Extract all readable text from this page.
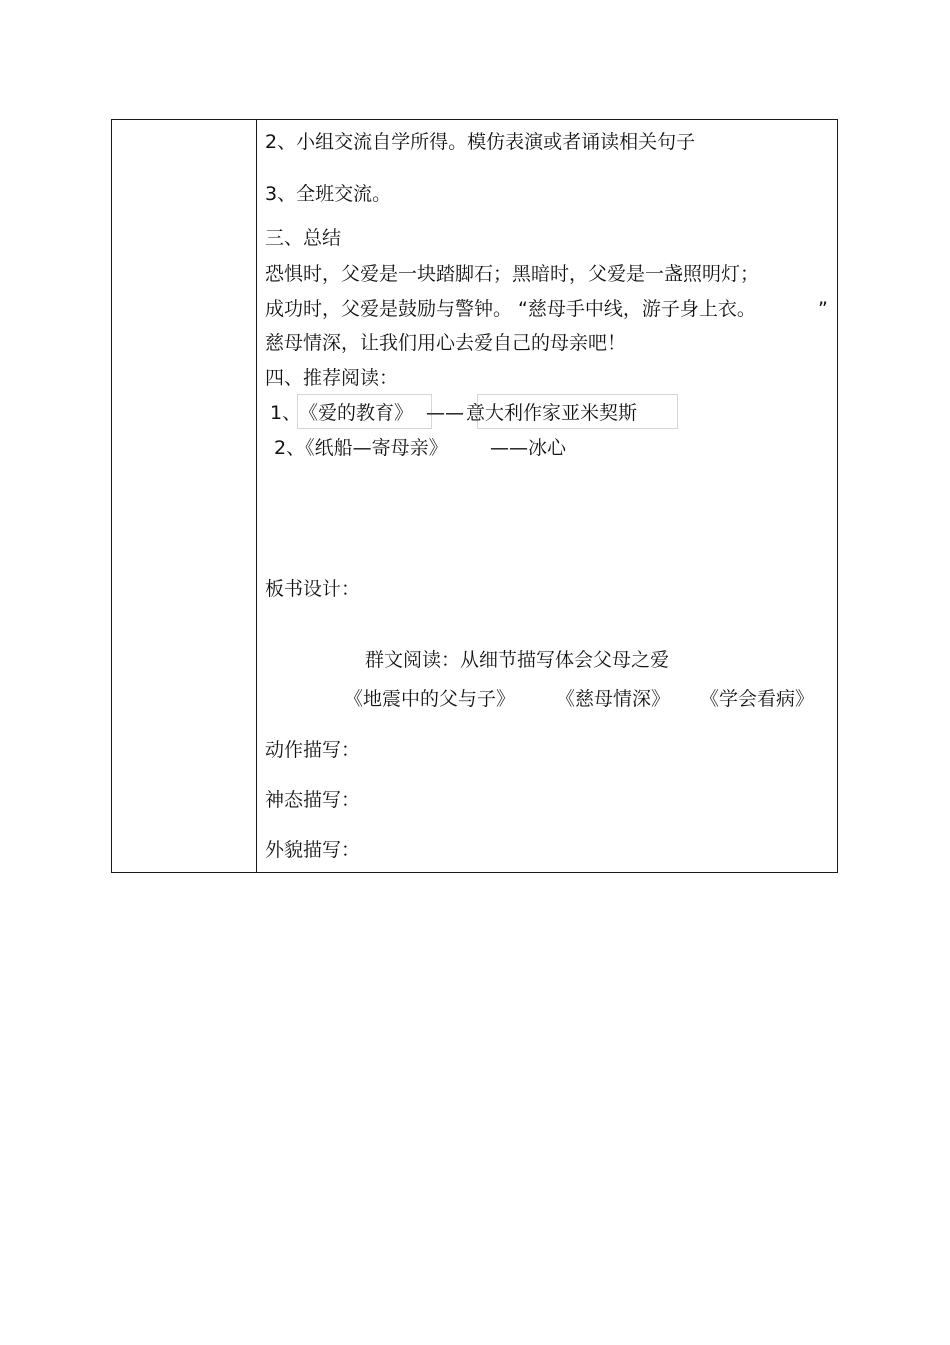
2、小组交流自学所得。模仿表演或者诵读相关句子
3、全班交流。
三、总结
恐惧时，父爱是一块踏脚石；黑暗时，父爱是一盏照明灯；
成功时，父爱是鼓励与警钟。 “慈母手中线，游子身上衣。	”
慈母情深，让我们用心去爱自己的母亲吧！
四、推荐阅读：
1、
《爱的教育》 —— 意大利作家亚米契斯
2、《纸船—寄母亲》 ——冰心
板书设计：
群文阅读：从细节描写体会父母之爱
《地震中的父与子》 《慈母情深》 《学会看病》
动作描写：
神态描写：
外貌描写：
